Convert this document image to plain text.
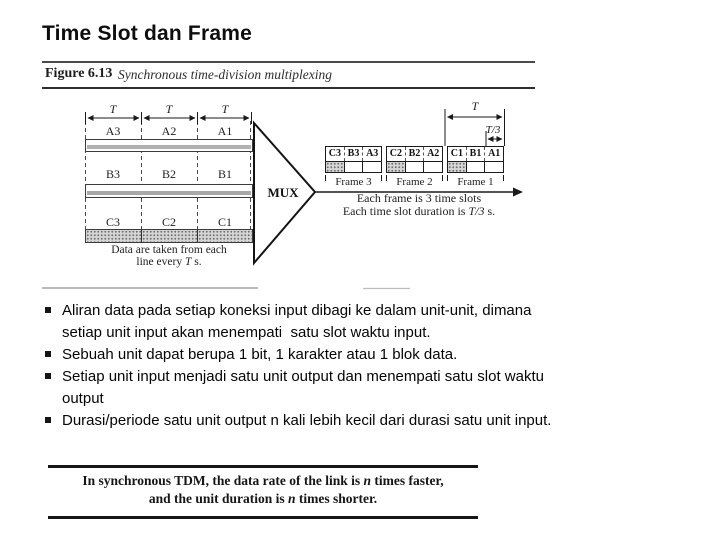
Time Slot dan Frame
Figure 6.13 Synchronous time-division multiplexing
T	T	T
A3	A2	A1
B3	B2	B1
C3	C2	C1
Data are taken from each
line every T s.
MUX
C3 B3 A3
Frame 3
C2 B2 A2
Frame 2
C1 B1 A1
Frame 1
T
T/3
Each frame is 3 time slots
Each time slot duration is T/3 s.
Aliran data pada setiap koneksi input dibagi ke dalam unit-unit, dimana
setiap unit input akan menempati  satu slot waktu input.
Sebuah unit dapat berupa 1 bit, 1 karakter atau 1 blok data.
Setiap unit input menjadi satu unit output dan menempati satu slot waktu
output
Durasi/periode satu unit output n kali lebih kecil dari durasi satu unit input.
In synchronous TDM, the data rate of the link is n times faster,
and the unit duration is n times shorter.
